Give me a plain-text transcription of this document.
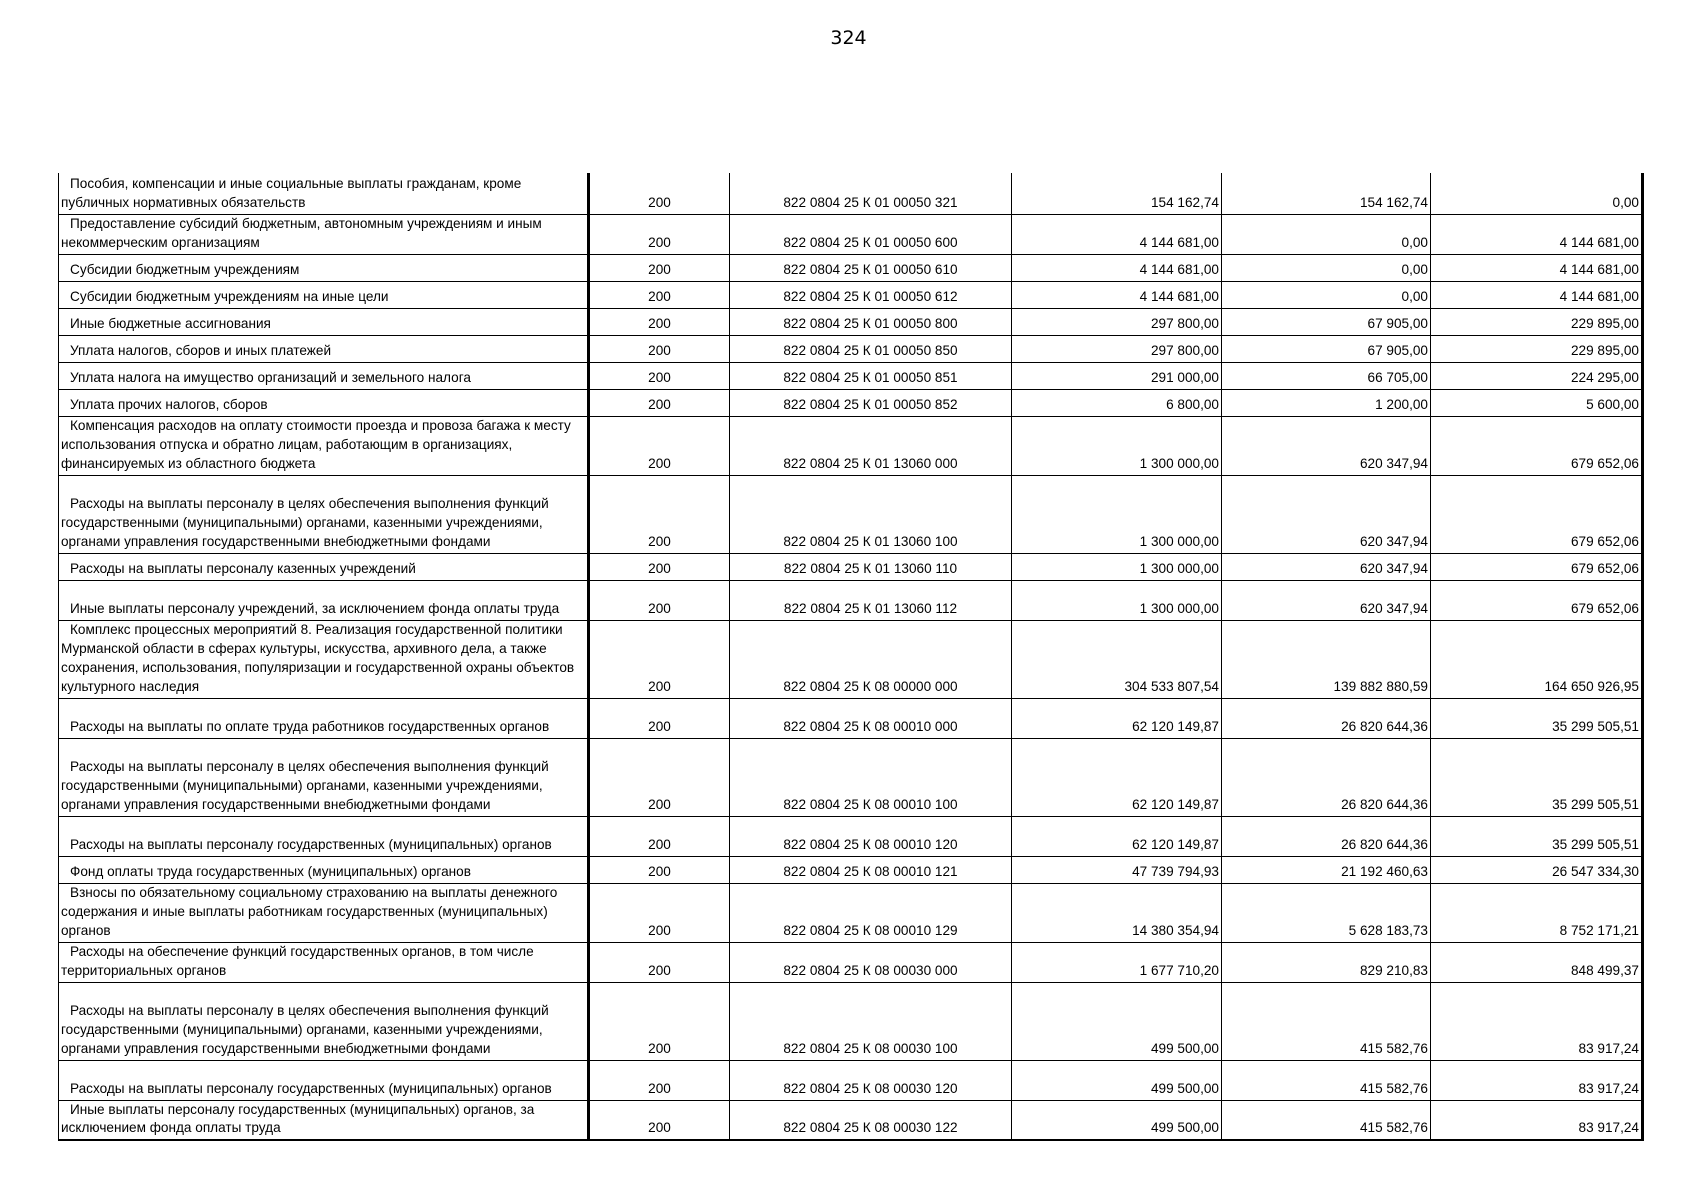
324
Пособия, компенсации и иные социальные выплаты гражданам, кроме публичных нормативных обязательств	200	822 0804 25 К 01 00050 321	154 162,74	154 162,74	0,00
Предоставление субсидий бюджетным, автономным учреждениям и иным некоммерческим организациям	200	822 0804 25 К 01 00050 600	4 144 681,00	0,00	4 144 681,00
Субсидии бюджетным учреждениям	200	822 0804 25 К 01 00050 610	4 144 681,00	0,00	4 144 681,00
Субсидии бюджетным учреждениям на иные цели	200	822 0804 25 К 01 00050 612	4 144 681,00	0,00	4 144 681,00
Иные бюджетные ассигнования	200	822 0804 25 К 01 00050 800	297 800,00	67 905,00	229 895,00
Уплата налогов, сборов и иных платежей	200	822 0804 25 К 01 00050 850	297 800,00	67 905,00	229 895,00
Уплата налога на имущество организаций и земельного налога	200	822 0804 25 К 01 00050 851	291 000,00	66 705,00	224 295,00
Уплата прочих налогов, сборов	200	822 0804 25 К 01 00050 852	6 800,00	1 200,00	5 600,00
Компенсация расходов на оплату стоимости проезда и провоза багажа к месту использования отпуска и обратно лицам, работающим в организациях, финансируемых из областного бюджета	200	822 0804 25 К 01 13060 000	1 300 000,00	620 347,94	679 652,06
Расходы на выплаты персоналу в целях обеспечения выполнения функций государственными (муниципальными) органами, казенными учреждениями, органами управления государственными внебюджетными фондами	200	822 0804 25 К 01 13060 100	1 300 000,00	620 347,94	679 652,06
Расходы на выплаты персоналу казенных учреждений	200	822 0804 25 К 01 13060 110	1 300 000,00	620 347,94	679 652,06
Иные выплаты персоналу учреждений, за исключением фонда оплаты труда	200	822 0804 25 К 01 13060 112	1 300 000,00	620 347,94	679 652,06
Комплекс процессных мероприятий 8. Реализация государственной политики Мурманской области в сферах культуры, искусства, архивного дела, а также сохранения, использования, популяризации и государственной охраны объектов культурного наследия	200	822 0804 25 К 08 00000 000	304 533 807,54	139 882 880,59	164 650 926,95
Расходы на выплаты по оплате труда работников государственных органов	200	822 0804 25 К 08 00010 000	62 120 149,87	26 820 644,36	35 299 505,51
Расходы на выплаты персоналу в целях обеспечения выполнения функций государственными (муниципальными) органами, казенными учреждениями, органами управления государственными внебюджетными фондами	200	822 0804 25 К 08 00010 100	62 120 149,87	26 820 644,36	35 299 505,51
Расходы на выплаты персоналу государственных (муниципальных) органов	200	822 0804 25 К 08 00010 120	62 120 149,87	26 820 644,36	35 299 505,51
Фонд оплаты труда государственных (муниципальных) органов	200	822 0804 25 К 08 00010 121	47 739 794,93	21 192 460,63	26 547 334,30
Взносы по обязательному социальному страхованию на выплаты денежного содержания и иные выплаты работникам государственных (муниципальных) органов	200	822 0804 25 К 08 00010 129	14 380 354,94	5 628 183,73	8 752 171,21
Расходы на обеспечение функций государственных органов, в том числе территориальных органов	200	822 0804 25 К 08 00030 000	1 677 710,20	829 210,83	848 499,37
Расходы на выплаты персоналу в целях обеспечения выполнения функций государственными (муниципальными) органами, казенными учреждениями, органами управления государственными внебюджетными фондами	200	822 0804 25 К 08 00030 100	499 500,00	415 582,76	83 917,24
Расходы на выплаты персоналу государственных (муниципальных) органов	200	822 0804 25 К 08 00030 120	499 500,00	415 582,76	83 917,24
Иные выплаты персоналу государственных (муниципальных) органов, за исключением фонда оплаты труда	200	822 0804 25 К 08 00030 122	499 500,00	415 582,76	83 917,24
